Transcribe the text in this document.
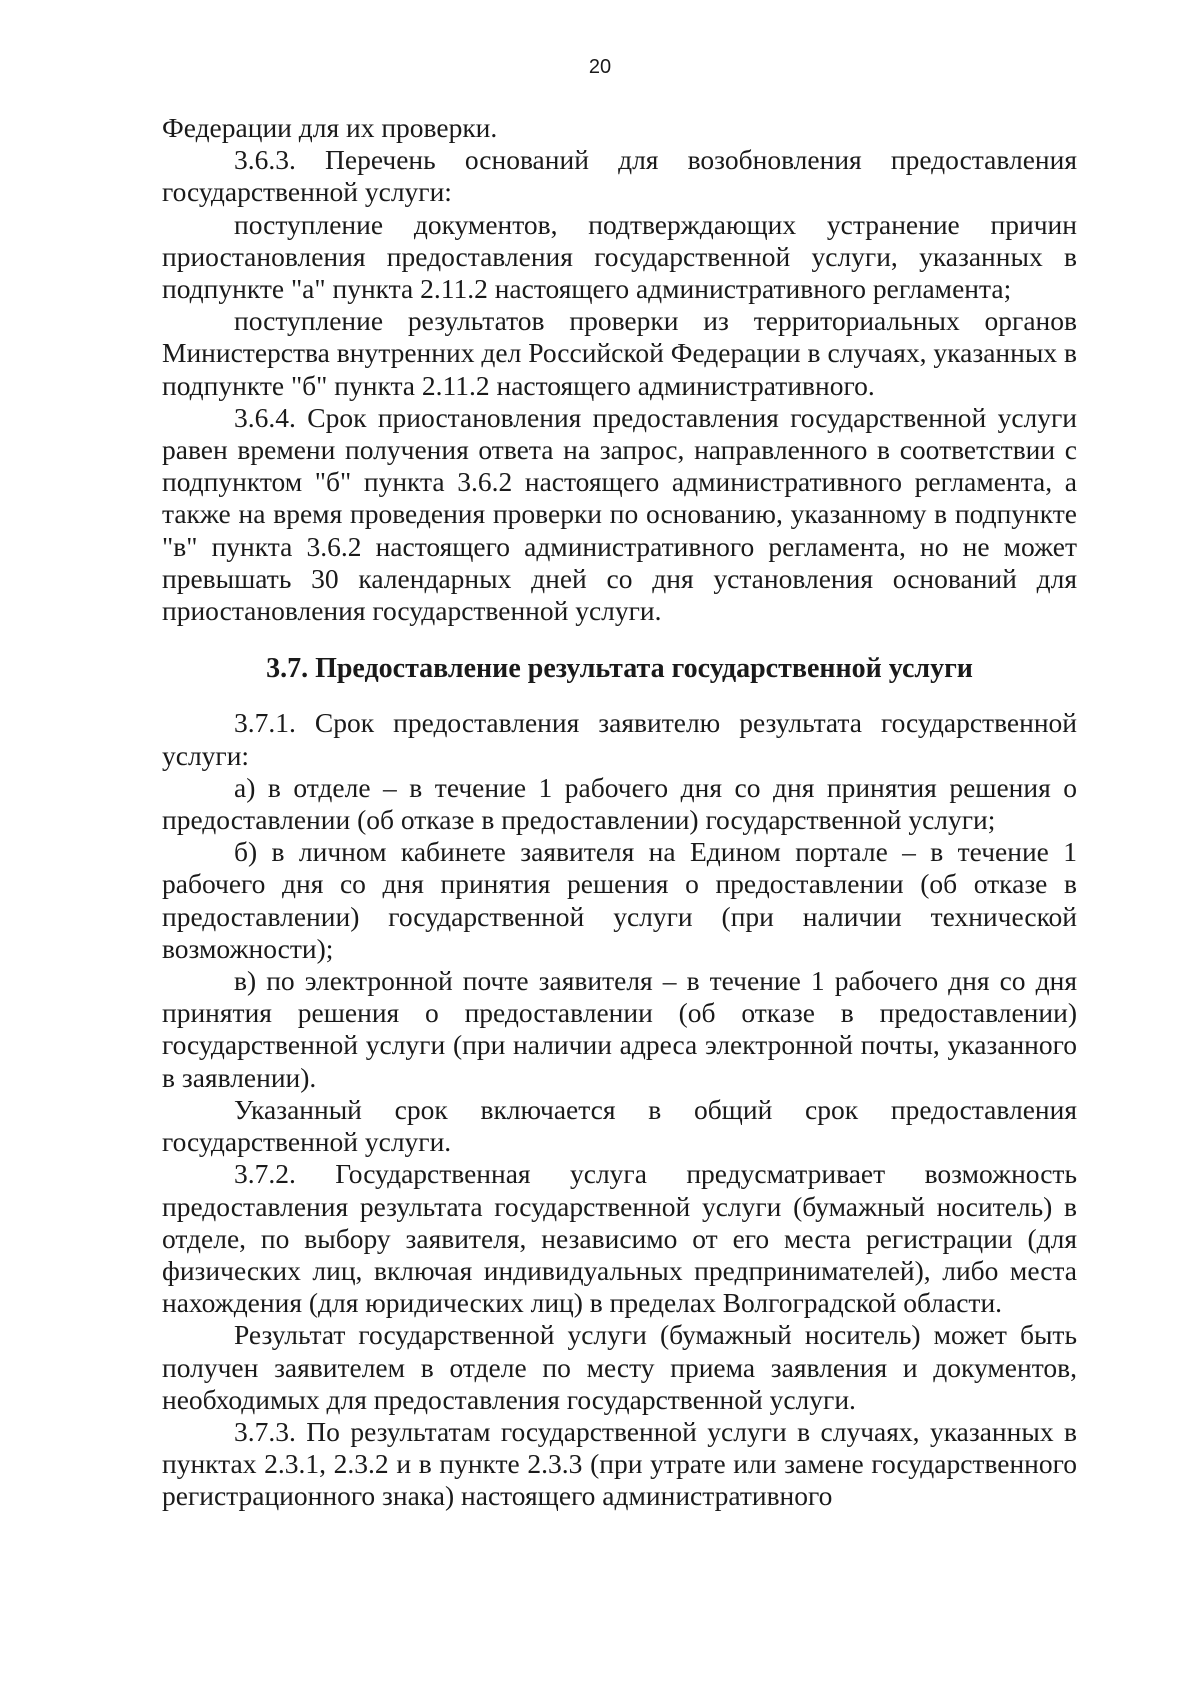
20

Федерации для их проверки.

3.6.3. Перечень оснований для возобновления предоставления государственной услуги:

поступление документов, подтверждающих устранение причин приостановления предоставления государственной услуги, указанных в подпункте "а" пункта 2.11.2 настоящего административного регламента;

поступление результатов проверки из территориальных органов Министерства внутренних дел Российской Федерации в случаях, указанных в подпункте "б" пункта 2.11.2 настоящего административного.

3.6.4. Срок приостановления предоставления государственной услуги равен времени получения ответа на запрос, направленного в соответствии с подпунктом "б" пункта 3.6.2 настоящего административного регламента, а также на время проведения проверки по основанию, указанному в подпункте "в" пункта 3.6.2 настоящего административного регламента, но не может превышать 30 календарных дней со дня установления оснований для приостановления государственной услуги.

3.7. Предоставление результата государственной услуги

3.7.1. Срок предоставления заявителю результата государственной услуги:

а) в отделе – в течение 1 рабочего дня со дня принятия решения о предоставлении (об отказе в предоставлении) государственной услуги;

б) в личном кабинете заявителя на Едином портале – в течение 1 рабочего дня со дня принятия решения о предоставлении (об отказе в предоставлении) государственной услуги (при наличии технической возможности);

в) по электронной почте заявителя – в течение 1 рабочего дня со дня принятия решения о предоставлении (об отказе в предоставлении) государственной услуги (при наличии адреса электронной почты, указанного в заявлении).

Указанный срок включается в общий срок предоставления государственной услуги.

3.7.2. Государственная услуга предусматривает возможность предоставления результата государственной услуги (бумажный носитель) в отделе, по выбору заявителя, независимо от его места регистрации (для физических лиц, включая индивидуальных предпринимателей), либо места нахождения (для юридических лиц) в пределах Волгоградской области.

Результат государственной услуги (бумажный носитель) может быть получен заявителем в отделе по месту приема заявления и документов, необходимых для предоставления государственной услуги.

3.7.3. По результатам государственной услуги в случаях, указанных в пунктах 2.3.1, 2.3.2 и в пункте 2.3.3 (при утрате или замене государственного регистрационного знака) настоящего административного
